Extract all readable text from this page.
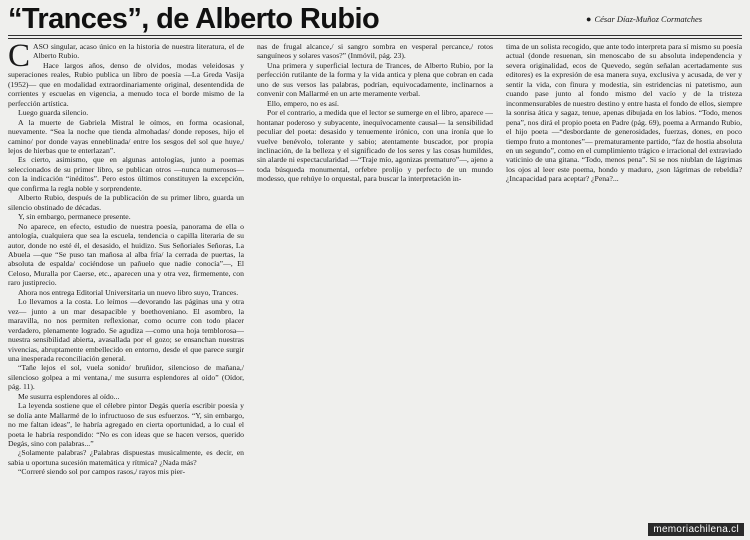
“Trances”, de Alberto Rubio	● César Díaz-Muñoz Cormatches
C ASO singular, acaso único en la historia de nuestra literatura, el de Alberto Rubio.

Hace largos años, denso de olvidos, modas veleidosas y superaciones reales, Rubio publica un libro de poesía —La Greda Vasija (1952)— que en modalidad extraordinariamente original, desentendida de corrientes y escuelas en vigencia, a menudo toca el borde mismo de la perfección artística.

Luego guarda silencio.

A la muerte de Gabriela Mistral le oímos, en forma ocasional, nuevamente. “Sea la noche que tienda almohadas/ donde reposes, hijo el camino/ por donde vayas enneblinada/ entre los sesgos del sol que huye,/ lejos de hierbas que te enterlazan”.

Es cierto, asimismo, que en algunas antologías, junto a poemas seleccionados de su primer libro, se publican otros —nunca numerosos— con la indicación “inéditos”. Pero estos últimos constituyen la excepción, que confirma la regla noble y sorprendente.

Alberto Rubio, después de la publicación de su primer libro, guarda un silencio obstinado de décadas.

Y, sin embargo, permanece presente.

No aparece, en efecto, estudio de nuestra poesía, panorama de ella o antología, cualquiera que sea la escuela, tendencia o capilla literaria de su autor, donde no esté él, el desasido, el huidizo. Sus Señoriales Señoras, La Abuela —que “Se puso tan mañosa al alba fría/ la cerrada de puertas, la absoluta de espalda/ cociéndose un pañuelo que nadie conocía”—, El Celoso, Muralla por Caerse, etc., aparecen una y otra vez, firmemente, con raro justiprecio.

Ahora nos entrega Editorial Universitaria un nuevo libro suyo, Trances.

Lo llevamos a la costa. Lo leímos —devorando las páginas una y otra vez— junto a un mar desapacible y boethoveniano. El asombro, la maravilla, no nos permiten reflexionar, como ocurre con todo placer verdadero, plenamente logrado. Se agudiza —como una hoja temblorosa— nuestra sensibilidad abierta, avasallada por el gozo; se ensanchan nuestras vivencias, abruptamente embellecido en entorno, desde el que parece surgir una inesperada reconciliación general.

“Tañe lejos el sol, vuela sonido/ bruñidor, silencioso de mañana,/ silencioso golpea a mi ventana,/ me susurra esplendores al oído” (Oídor, pág. 11).

Me susurra esplendores al oído...

La leyenda sostiene que el célebre pintor Degás quería escribir poesía y se dolía ante Mallarmé de lo infructuoso de sus esfuerzos. “Y, sin embargo, no me faltan ideas”, le habría agregado en cierta oportunidad, a lo cual el poeta le habría respondido: “No es con ideas que se hacen versos, querido Degás, sino con palabras...”

¿Solamente palabras? ¿Palabras dispuestas musicalmente, es decir, en sabia u oportuna sucesión matemática y rítmica? ¿Nada más?

“Correré siendo sol por campos rasos,/ rayos mis pier-

nas de frugal alcance,/ si sangro sombra en vesperal percance,/ rotos sanguíneos y solares vasos?” (Inmóvil, pág. 23).

Una primera y superficial lectura de Trances, de Alberto Rubio, por la perfección rutilante de la forma y la vida antica y plena que cobran en cada uno de sus versos las palabras, podrían, equivocadamente, inclinarnos a convenir con Mallarmé en un arte meramente verbal.

Ello, empero, no es así.

Por el contrario, a medida que el lector se sumerge en el libro, aparece —hontanar poderoso y subyacente, inequívocamente causal— la sensibilidad peculiar del poeta: desasido y tenuemente irónico, con una ironía que lo vuelve benévolo, tolerante y sabio; atentamente buscador, por propia inclinación, de la belleza y el significado de los seres y las cosas humildes, sin alarde ni espectacularidad —“Traje mío, agonizas prematuro”—, ajeno a toda búsqueda monumental, orfebre prolijo y perfecto de un mundo modesso, que rehúye lo orquestal, para buscar la interpretación in-

tima de un solista recogido, que ante todo interpreta para sí mismo su poesía actual (donde resuenan, sin menoscabo de su absoluta independencia y severa originalidad, ecos de Quevedo, según señalan acertadamente sus editores) es la expresión de esa manera suya, exclusiva y acusada, de ver y sentir la vida, con finura y modestia, sin estridencias ni patetismo, aun cuando pase junto al fondo mismo del vacío y de la tristeza inconmensurables de nuestro destino y entre hasta el fondo de ellos, siempre la sonrisa ática y sagaz, tenue, apenas dibujada en los labios. “Todo, menos pena”, nos dirá el propio poeta en Padre (pág. 69), poema a Armando Rubio, el hijo poeta —“desbordante de generosidades, fuerzas, dones, en poco tiempo fruto a montones”— prematuramente partido, “faz de hostia absoluta en un segundo”, como en el cumplimiento trágico e irracional del extraviado vaticinio de una gitana. “Todo, menos pena”. Si se nos niublan de lágrimas los ojos al leer este poema, hondo y maduro, ¿son lágrimas de rebeldía? ¿Incapacidad para aceptar? ¿Pena?...

memoriachilena.cl
